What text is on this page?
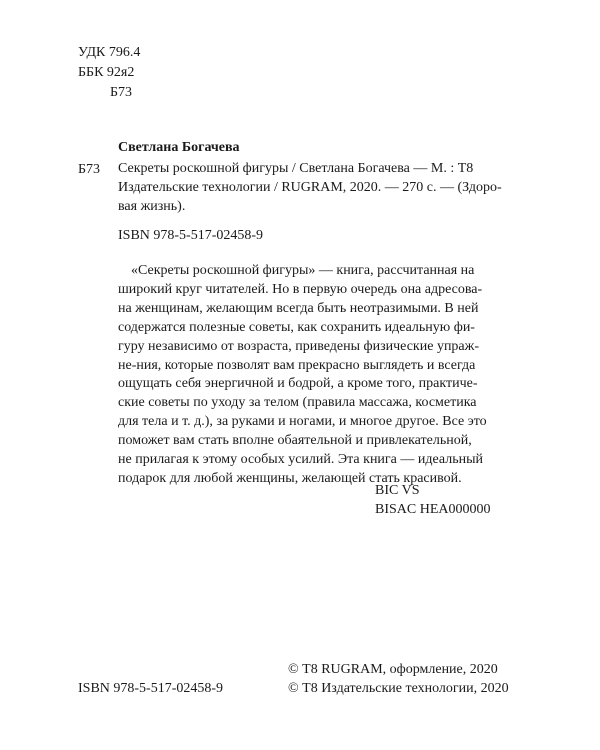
УДК 796.4
ББК 92я2
Б73
Светлана Богачева
Б73 Секреты роскошной фигуры / Светлана Богачева — М. : Т8
Издательские технологии / RUGRAM, 2020. — 270 с. — (Здоро-
вая жизнь).
ISBN 978-5-517-02458-9
«Секреты роскошной фигуры» — книга, рассчитанная на
широкий круг читателей. Но в первую очередь она адресова-
на женщинам, желающим всегда быть неотразимыми. В ней
содержатся полезные советы, как сохранить идеальную фи-
гуру независимо от возраста, приведены физические упраж-
не-ния, которые позволят вам прекрасно выглядеть и всегда
ощущать себя энергичной и бодрой, а кроме того, практиче-
ские советы по уходу за телом (правила массажа, косметика
для тела и т. д.), за руками и ногами, и многое другое. Все это
поможет вам стать вполне обаятельной и привлекательной,
не прилагая к этому особых усилий. Эта книга — идеальный
подарок для любой женщины, желающей стать красивой.
BIC VS
BISAC HEA000000
ISBN 978-5-517-02458-9
© Т8 RUGRAM, оформление, 2020
© Т8 Издательские технологии, 2020
